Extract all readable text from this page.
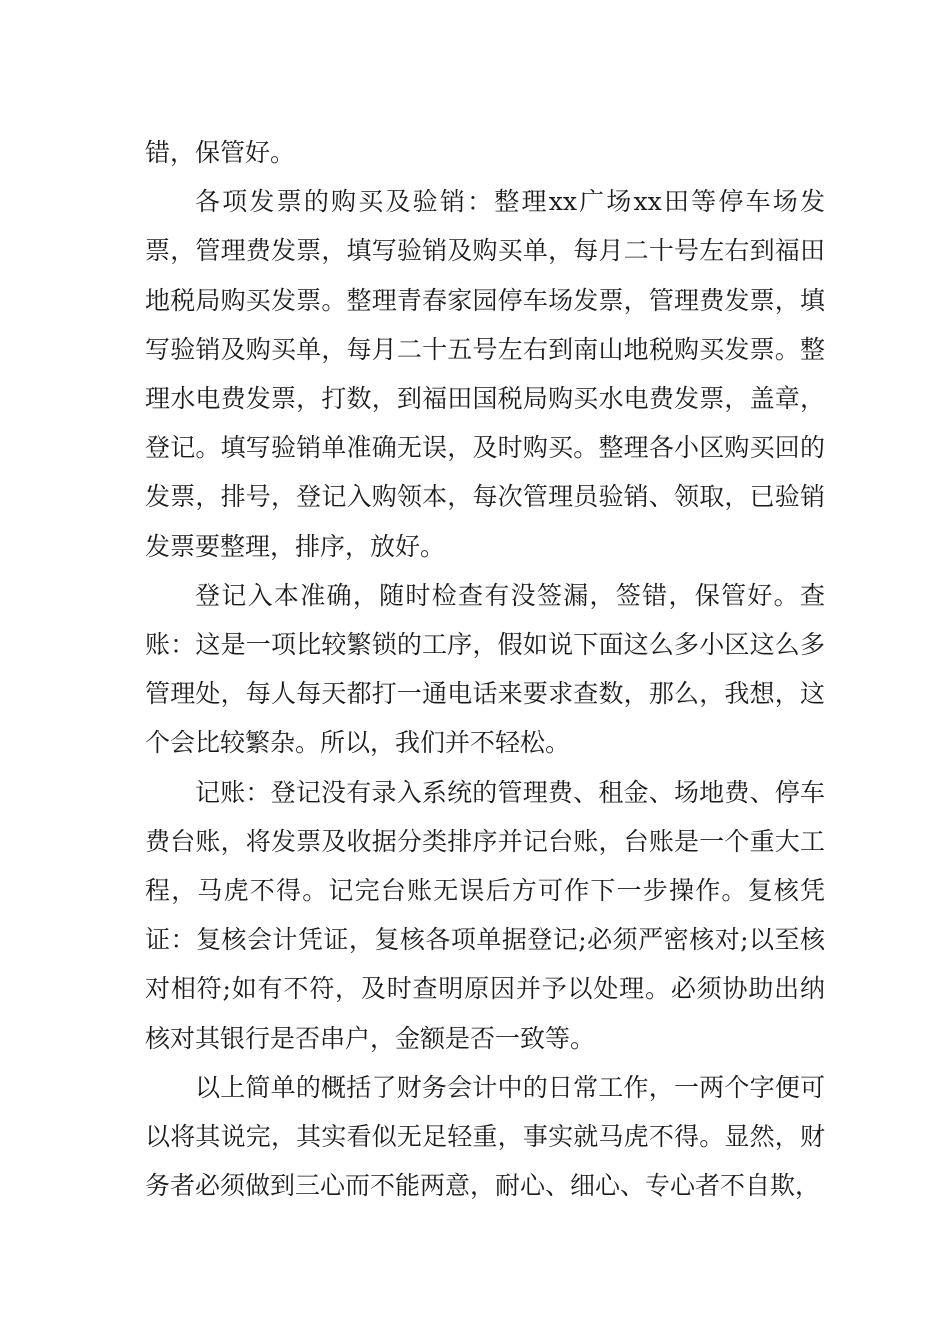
错，保管好。

各项发票的购买及验销：整理xx广场xx田等停车场发票，管理费发票，填写验销及购买单，每月二十号左右到福田地税局购买发票。整理青春家园停车场发票，管理费发票，填写验销及购买单，每月二十五号左右到南山地税购买发票。整理水电费发票，打数，到福田国税局购买水电费发票，盖章，登记。填写验销单准确无误，及时购买。整理各小区购买回的发票，排号，登记入购领本，每次管理员验销、领取，已验销发票要整理，排序，放好。

登记入本准确，随时检查有没签漏，签错，保管好。查账：这是一项比较繁锁的工序，假如说下面这么多小区这么多管理处，每人每天都打一通电话来要求查数，那么，我想，这个会比较繁杂。所以，我们并不轻松。

记账：登记没有录入系统的管理费、租金、场地费、停车费台账，将发票及收据分类排序并记台账，台账是一个重大工程，马虎不得。记完台账无误后方可作下一步操作。复核凭证：复核会计凭证，复核各项单据登记;必须严密核对;以至核对相符;如有不符，及时查明原因并予以处理。必须协助出纳核对其银行是否串户，金额是否一致等。

以上简单的概括了财务会计中的日常工作，一两个字便可以将其说完，其实看似无足轻重，事实就马虎不得。显然，财务者必须做到三心而不能两意，耐心、细心、专心者不自欺，
